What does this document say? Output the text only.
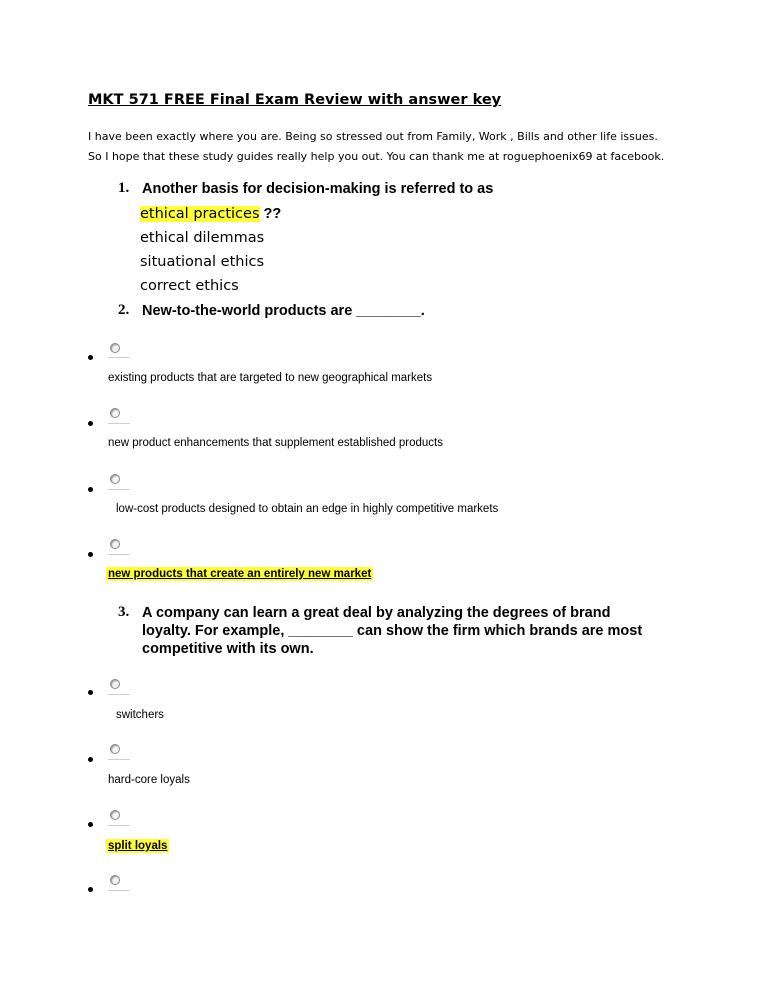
MKT 571 FREE Final Exam Review with answer key
I have been exactly where you are. Being so stressed out from Family, Work , Bills and other life issues.
So I hope that these study guides really help you out. You can thank me at roguephoenix69 at facebook.
1. Another basis for decision-making is referred to as
ethical practices ??
ethical dilemmas
situational ethics
correct ethics
2. New-to-the-world products are ________.
existing products that are targeted to new geographical markets
new product enhancements that supplement established products
low-cost products designed to obtain an edge in highly competitive markets
new products that create an entirely new market
3. A company can learn a great deal by analyzing the degrees of brand
loyalty. For example, ________ can show the firm which brands are most
competitive with its own.
switchers
hard-core loyals
split loyals
